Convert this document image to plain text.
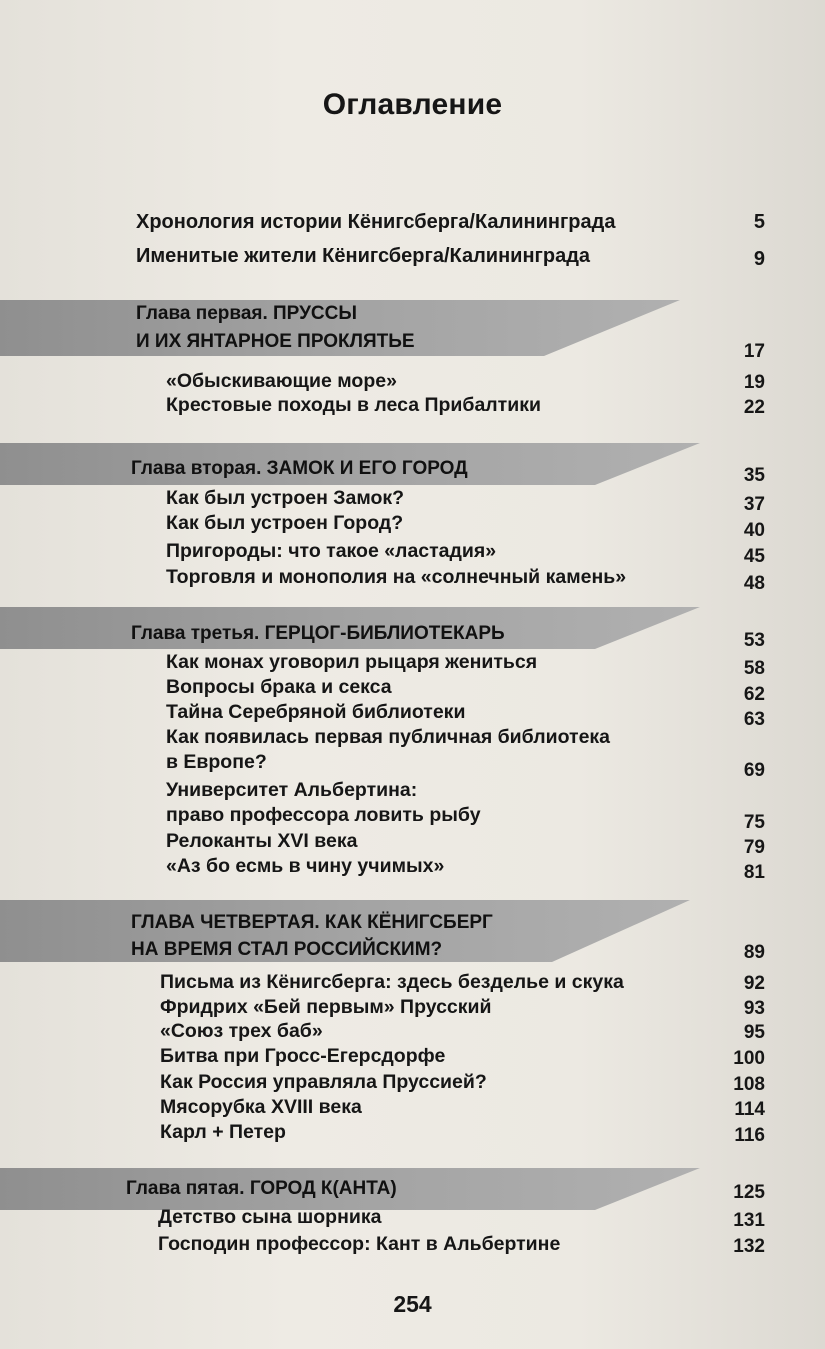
Оглавление
Хронология истории Кёнигсберга/Калининграда	5
Именитые жители Кёнигсберга/Калининграда	9
Глава первая. ПРУССЫ
И ИХ ЯНТАРНОЕ ПРОКЛЯТЬЕ	17
«Обыскивающие море»	19
Крестовые походы в леса Прибалтики	22
Глава вторая. ЗАМОК И ЕГО ГОРОД	35
Как был устроен Замок?	37
Как был устроен Город?	40
Пригороды: что такое «ластадия»	45
Торговля и монополия на «солнечный камень»	48
Глава третья. ГЕРЦОГ-БИБЛИОТЕКАРЬ	53
Как монах уговорил рыцаря жениться	58
Вопросы брака и секса	62
Тайна Серебряной библиотеки	63
Как появилась первая публичная библиотека
в Европе?	69
Университет Альбертина:
право профессора ловить рыбу	75
Релоканты XVI века	79
«Аз бо есмь в чину учимых»	81
ГЛАВА ЧЕТВЕРТАЯ. КАК КЁНИГСБЕРГ
НА ВРЕМЯ СТАЛ РОССИЙСКИМ?	89
Письма из Кёнигсберга: здесь безделье и скука	92
Фридрих «Бей первым» Прусский	93
«Союз трех баб»	95
Битва при Гросс-Егерсдорфе	100
Как Россия управляла Пруссией?	108
Мясорубка XVIII века	114
Карл + Петер	116
Глава пятая. ГОРОД К(АНТА)	125
Детство сына шорника	131
Господин профессор: Кант в Альбертине	132
254
